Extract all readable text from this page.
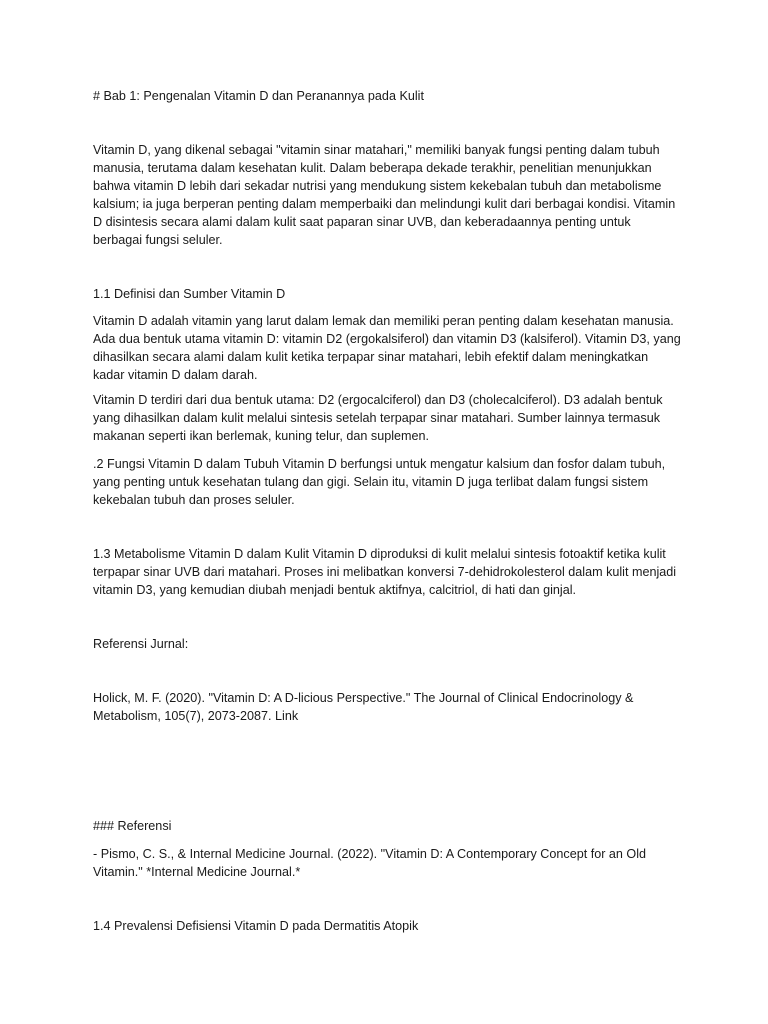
# Bab 1: Pengenalan Vitamin D dan Peranannya pada Kulit

Vitamin D, yang dikenal sebagai "vitamin sinar matahari," memiliki banyak fungsi penting dalam tubuh manusia, terutama dalam kesehatan kulit. Dalam beberapa dekade terakhir, penelitian menunjukkan bahwa vitamin D lebih dari sekadar nutrisi yang mendukung sistem kekebalan tubuh dan metabolisme kalsium; ia juga berperan penting dalam memperbaiki dan melindungi kulit dari berbagai kondisi. Vitamin D disintesis secara alami dalam kulit saat paparan sinar UVB, dan keberadaannya penting untuk berbagai fungsi seluler.

1.1 Definisi dan Sumber Vitamin D

Vitamin D adalah vitamin yang larut dalam lemak dan memiliki peran penting dalam kesehatan manusia. Ada dua bentuk utama vitamin D: vitamin D2 (ergokalsiferol) dan vitamin D3 (kalsiferol). Vitamin D3, yang dihasilkan secara alami dalam kulit ketika terpapar sinar matahari, lebih efektif dalam meningkatkan kadar vitamin D dalam darah.

Vitamin D terdiri dari dua bentuk utama: D2 (ergocalciferol) dan D3 (cholecalciferol). D3 adalah bentuk yang dihasilkan dalam kulit melalui sintesis setelah terpapar sinar matahari. Sumber lainnya termasuk makanan seperti ikan berlemak, kuning telur, dan suplemen.

.2 Fungsi Vitamin D dalam Tubuh Vitamin D berfungsi untuk mengatur kalsium dan fosfor dalam tubuh, yang penting untuk kesehatan tulang dan gigi. Selain itu, vitamin D juga terlibat dalam fungsi sistem kekebalan tubuh dan proses seluler.

1.3 Metabolisme Vitamin D dalam Kulit Vitamin D diproduksi di kulit melalui sintesis fotoaktif ketika kulit terpapar sinar UVB dari matahari. Proses ini melibatkan konversi 7-dehidrokolesterol dalam kulit menjadi vitamin D3, yang kemudian diubah menjadi bentuk aktifnya, calcitriol, di hati dan ginjal.

Referensi Jurnal:

Holick, M. F. (2020). "Vitamin D: A D-licious Perspective." The Journal of Clinical Endocrinology & Metabolism, 105(7), 2073-2087. Link

### Referensi

- Pismo, C. S., & Internal Medicine Journal. (2022). "Vitamin D: A Contemporary Concept for an Old Vitamin." *Internal Medicine Journal.*

1.4 Prevalensi Defisiensi Vitamin D pada Dermatitis Atopik
